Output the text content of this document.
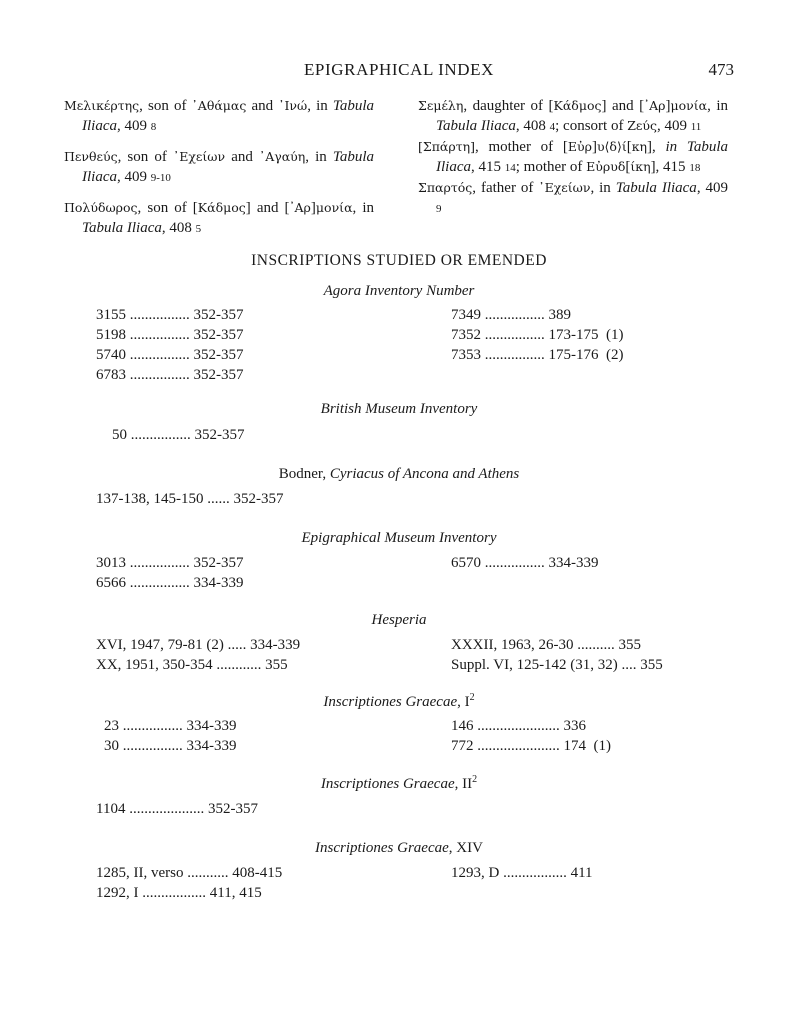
EPIGRAPHICAL INDEX	473
Μελικέρτης, son of ᾿Αθάμας and ᾿Ινώ, in Tabula Iliaca, 409 8
Πενθεύς, son of ᾿Εχείων and ᾿Αγαύη, in Tabula Iliaca, 409 9-10
Πολύδωρος, son of [Κάδμος] and [᾿Αρ]μονία, in Tabula Iliaca, 408 5
Σεμέλη, daughter of [Κάδμος] and [᾿Αρ]μονία, in Tabula Iliaca, 408 4; consort of Ζεύς, 409 11
[Σπάρτη], mother of [Εὐρ]υ⟨δ⟩ί[κη], in Tabula Iliaca, 415 14; mother of Εὐρυδ[ίκη], 415 18
Σπαρτός, father of ᾿Εχείων, in Tabula Iliaca, 409 9
INSCRIPTIONS STUDIED OR EMENDED
Agora Inventory Number
3155 ................ 352-357
5198 ................ 352-357
5740 ................ 352-357
6783 ................ 352-357
7349 ................ 389
7352 ................ 173-175  (1)
7353 ................ 175-176  (2)
British Museum Inventory
50 ................ 352-357
Bodner, Cyriacus of Ancona and Athens
137-138, 145-150 ...... 352-357
Epigraphical Museum Inventory
3013 ................ 352-357
6566 ................ 334-339
6570 ................ 334-339
Hesperia
XVI, 1947, 79-81 (2) ..... 334-339
XX, 1951, 350-354 ............ 355
XXXII, 1963, 26-30 .......... 355
Suppl. VI, 125-142 (31, 32) .... 355
Inscriptiones Graecae, $I^2$
23 ................ 334-339
30 ................ 334-339
146 ...................... 336
772 ...................... 174  (1)
Inscriptiones Graecae, $II^2$
1104 .................... 352-357
Inscriptiones Graecae, XIV
1285, II, verso ........... 408-415
1292, I ................. 411, 415
1293, D ................. 411
